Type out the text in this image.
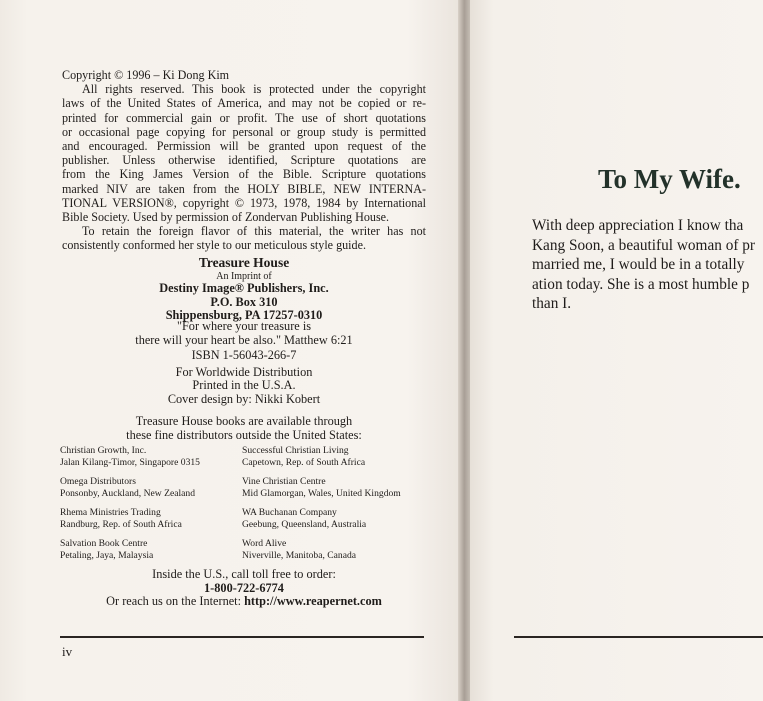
Copyright © 1996 – Ki Dong Kim
All rights reserved. This book is protected under the copyright
laws of the United States of America, and may not be copied or re-
printed for commercial gain or profit. The use of short quotations
or occasional page copying for personal or group study is permitted
and encouraged. Permission will be granted upon request of the
publisher. Unless otherwise identified, Scripture quotations are
from the King James Version of the Bible. Scripture quotations
marked NIV are taken from the HOLY BIBLE, NEW INTERNA-
TIONAL VERSION®, copyright © 1973, 1978, 1984 by International
Bible Society. Used by permission of Zondervan Publishing House.
To retain the foreign flavor of this material, the writer has not
consistently conformed her style to our meticulous style guide.
Treasure House
An Imprint of
Destiny Image® Publishers, Inc.
P.O. Box 310
Shippensburg, PA 17257-0310
"For where your treasure is
there will your heart be also." Matthew 6:21
ISBN 1-56043-266-7
For Worldwide Distribution
Printed in the U.S.A.
Cover design by: Nikki Kobert
Treasure House books are available through
these fine distributors outside the United States:
Christian Growth, Inc.
Jalan Kilang-Timor, Singapore 0315
Successful Christian Living
Capetown, Rep. of South Africa
Omega Distributors
Ponsonby, Auckland, New Zealand
Vine Christian Centre
Mid Glamorgan, Wales, United Kingdom
Rhema Ministries Trading
Randburg, Rep. of South Africa
WA Buchanan Company
Geebung, Queensland, Australia
Salvation Book Centre
Petaling, Jaya, Malaysia
Word Alive
Niverville, Manitoba, Canada
Inside the U.S., call toll free to order:
1-800-722-6774
Or reach us on the Internet: http://www.reapernet.com
iv
To My Wife.
With deep appreciation I know tha
Kang Soon, a beautiful woman of pr
married me, I would be in a totally
ation today. She is a most humble p
than I.
